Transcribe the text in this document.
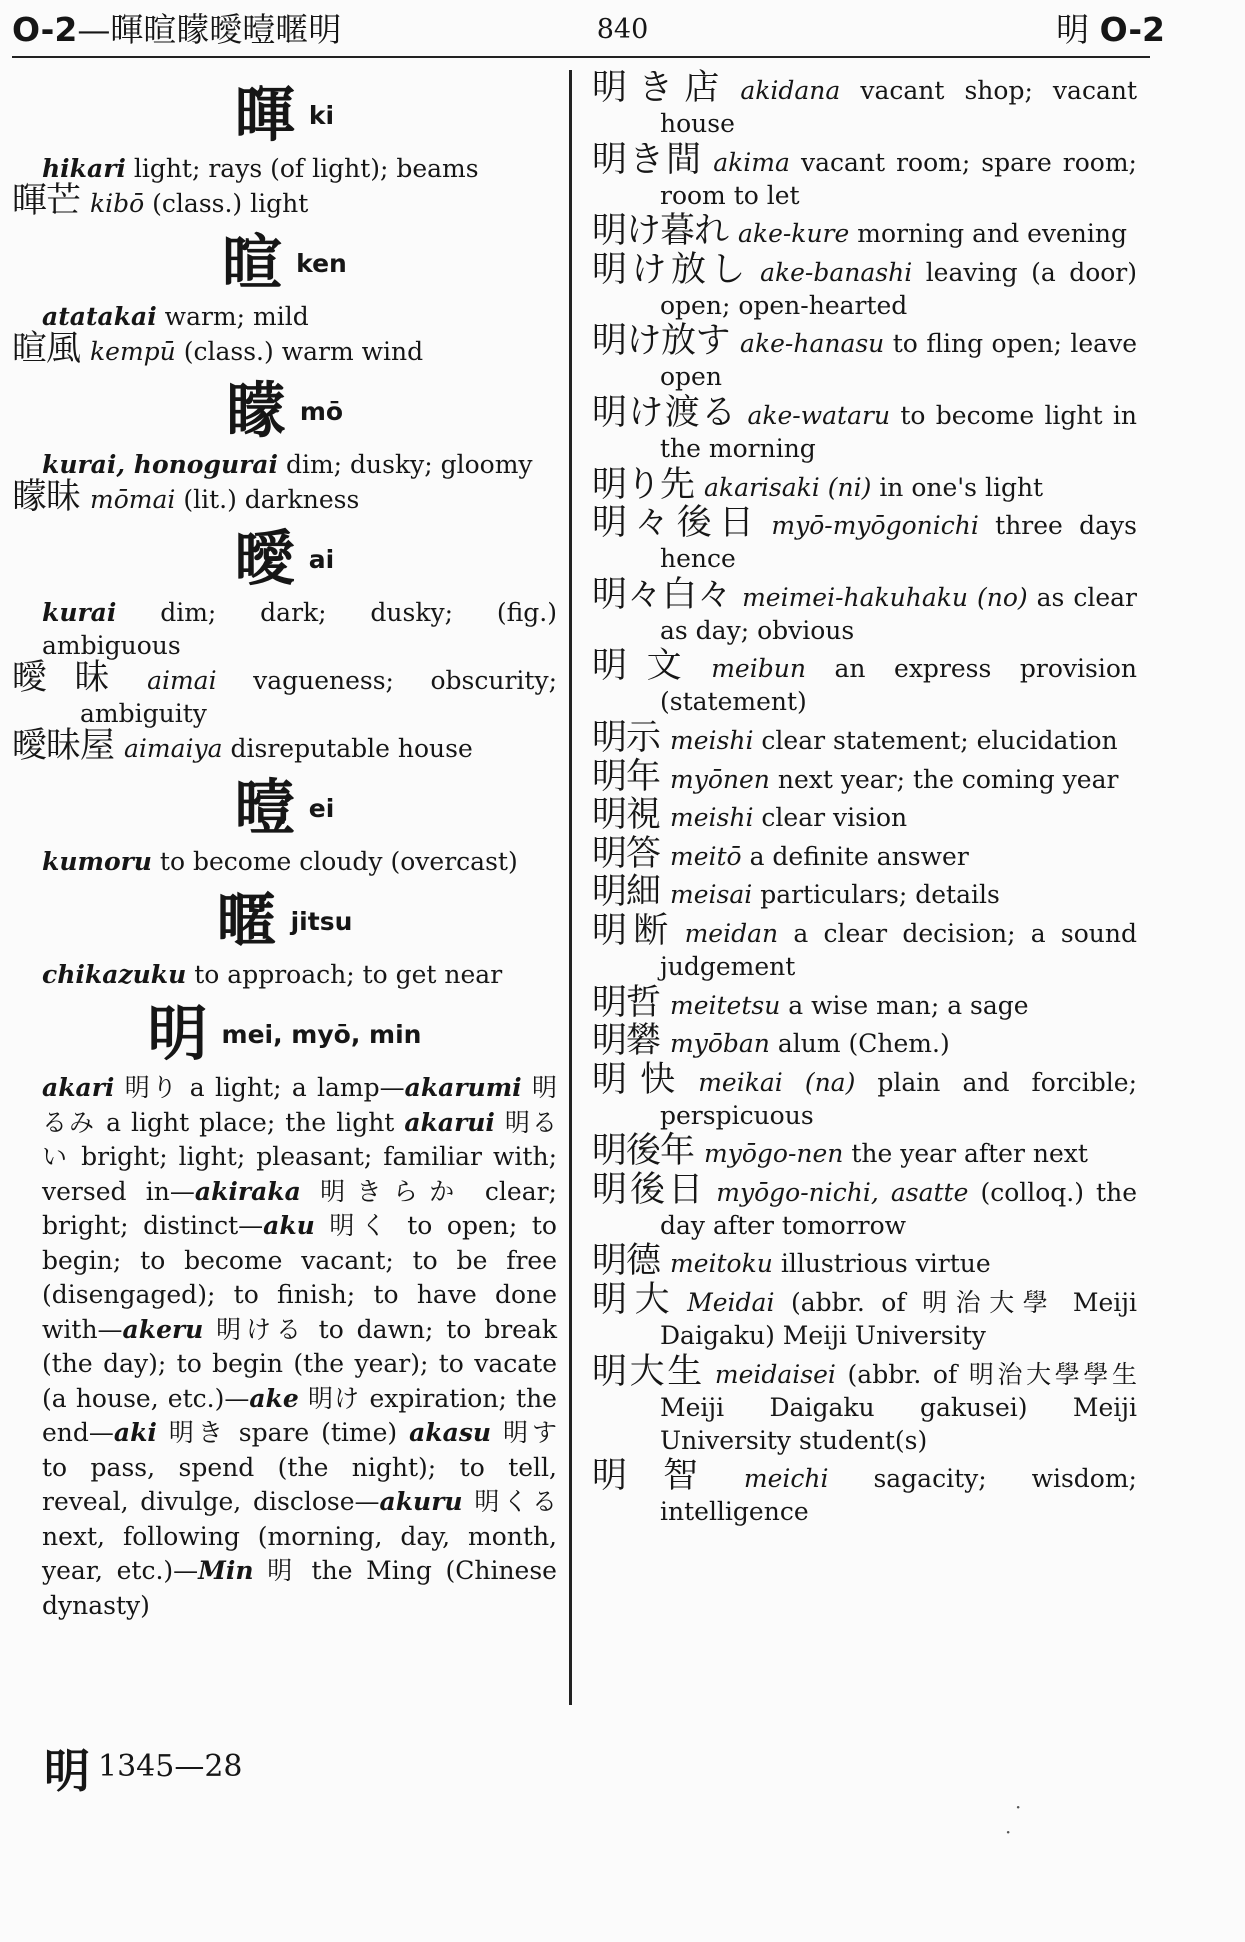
O-2—暉暄矇曖曀暱明	840	明 O-2
暉ki
hikari light; rays (of light); beams
暉芒 kibō (class.) light
暄ken
atatakai warm; mild
暄風 kempū (class.) warm wind
矇mō
kurai, honogurai dim; dusky; gloomy
矇昧 mōmai (lit.) darkness
曖ai
kurai dim; dark; dusky; (fig.) ambiguous
曖昧 aimai vagueness; obscurity; ambiguity
曖昧屋 aimaiya disreputable house
曀ei
kumoru to become cloudy (overcast)
暱jitsu
chikazuku to approach; to get near
明mei, myō, min
akari 明り a light; a lamp—akarumi 明るみ a light place; the light akarui 明るい bright; light; pleasant; familiar with; versed in—akiraka 明きらか clear; bright; distinct—aku 明く to open; to begin; to become vacant; to be free (disengaged); to finish; to have done with—akeru 明ける to dawn; to break (the day); to begin (the year); to vacate (a house, etc.)—ake 明け expiration; the end—aki 明き spare (time) akasu 明す to pass, spend (the night); to tell, reveal, divulge, disclose—akuru 明くる next, following (morning, day, month, year, etc.)—Min 明 the Ming (Chinese dynasty)
明き店 akidana vacant shop; vacant house
明き間 akima vacant room; spare room; room to let
明け暮れ ake-kure morning and evening
明け放し ake-banashi leaving (a door) open; open-hearted
明け放す ake-hanasu to fling open; leave open
明け渡る ake-wataru to become light in the morning
明り先 akarisaki (ni) in one's light
明々後日 myō-myōgonichi three days hence
明々白々 meimei-hakuhaku (no) as clear as day; obvious
明文 meibun an express provision (statement)
明示 meishi clear statement; elucidation
明年 myōnen next year; the coming year
明視 meishi clear vision
明答 meitō a definite answer
明細 meisai particulars; details
明断 meidan a clear decision; a sound judgement
明哲 meitetsu a wise man; a sage
明礬 myōban alum (Chem.)
明快 meikai (na) plain and forcible; perspicuous
明後年 myōgo-nen the year after next
明後日 myōgo-nichi, asatte (colloq.) the day after tomorrow
明德 meitoku illustrious virtue
明大 Meidai (abbr. of 明治大學 Meiji Daigaku) Meiji University
明大生 meidaisei (abbr. of 明治大學學生 Meiji Daigaku gakusei) Meiji University student(s)
明智 meichi sagacity; wisdom; intelligence
明 1345—28
·
·
